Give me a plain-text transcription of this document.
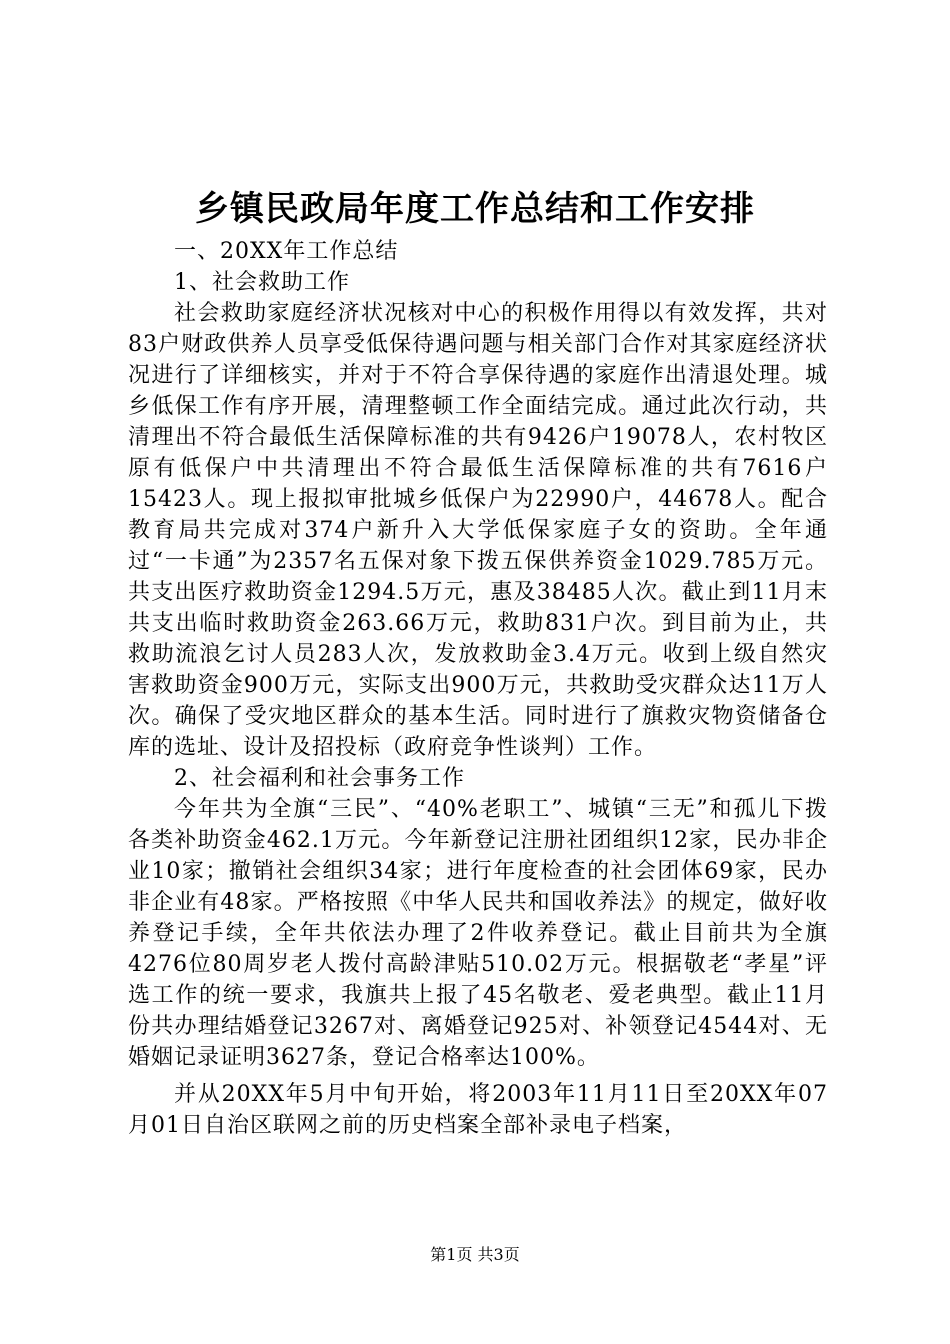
乡镇民政局年度工作总结和工作安排

一、20XX年工作总结

1、社会救助工作

社会救助家庭经济状况核对中心的积极作用得以有效发挥，共对83户财政供养人员享受低保待遇问题与相关部门合作对其家庭经济状况进行了详细核实，并对于不符合享保待遇的家庭作出清退处理。城乡低保工作有序开展，清理整顿工作全面结完成。通过此次行动，共清理出不符合最低生活保障标准的共有9426户19078人，农村牧区原有低保户中共清理出不符合最低生活保障标准的共有7616户15423人。现上报拟审批城乡低保户为22990户，44678人。配合教育局共完成对374户新升入大学低保家庭子女的资助。全年通过“一卡通”为2357名五保对象下拨五保供养资金1029.785万元。共支出医疗救助资金1294.5万元，惠及38485人次。截止到11月末共支出临时救助资金263.66万元，救助831户次。到目前为止，共救助流浪乞讨人员283人次，发放救助金3.4万元。收到上级自然灾害救助资金900万元，实际支出900万元，共救助受灾群众达11万人次。确保了受灾地区群众的基本生活。同时进行了旗救灾物资储备仓库的选址、设计及招投标（政府竞争性谈判）工作。

2、社会福利和社会事务工作

今年共为全旗“三民”、“40%老职工”、城镇“三无”和孤儿下拨各类补助资金462.1万元。今年新登记注册社团组织12家，民办非企业10家；撤销社会组织34家；进行年度检查的社会团体69家，民办非企业有48家。严格按照《中华人民共和国收养法》的规定，做好收养登记手续，全年共依法办理了2件收养登记。截止目前共为全旗4276位80周岁老人拨付高龄津贴510.02万元。根据敬老“孝星”评选工作的统一要求，我旗共上报了45名敬老、爱老典型。截止11月份共办理结婚登记3267对、离婚登记925对、补领登记4544对、无婚姻记录证明3627条，登记合格率达100%。

并从20XX年5月中旬开始，将2003年11月11日至20XX年07月01日自治区联网之前的历史档案全部补录电子档案，

第1页 共3页
